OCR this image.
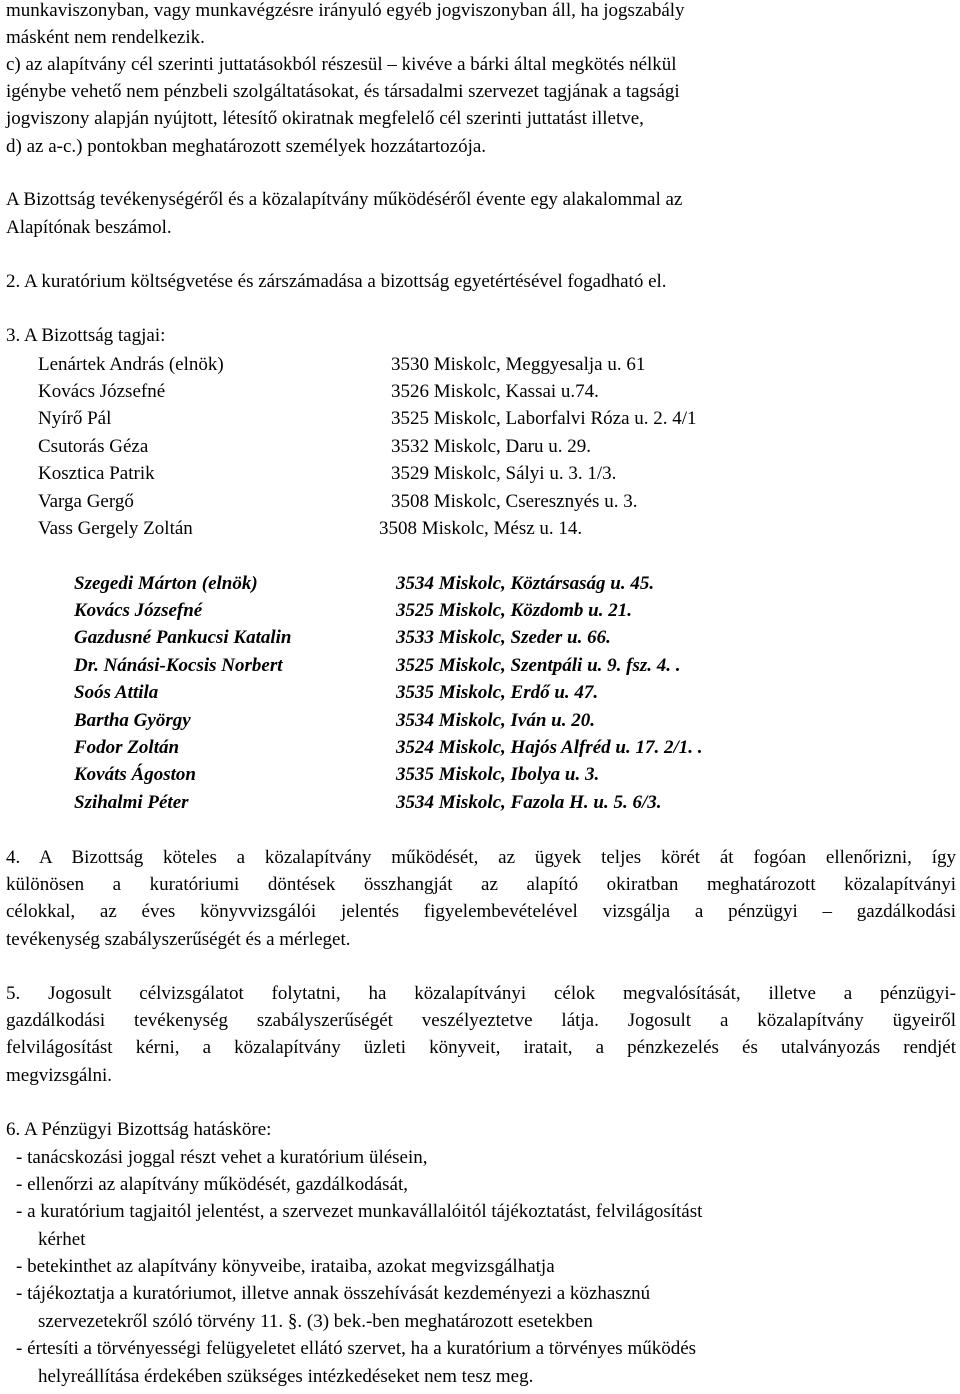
munkaviszonyban, vagy munkavégzésre irányuló egyéb jogviszonyban áll, ha jogszabály
másként nem rendelkezik.
c) az alapítvány cél szerinti juttatásokból részesül – kivéve a bárki által megkötés nélkül
igénybe vehető nem pénzbeli szolgáltatásokat, és társadalmi szervezet tagjának a tagsági
jogviszony alapján nyújtott, létesítő okiratnak megfelelő cél szerinti juttatást illetve,
d) az a-c.) pontokban meghatározott személyek hozzátartozója.
A Bizottság tevékenységéről és a közalapítvány működéséről évente egy alakalommal az
Alapítónak beszámol.
2. A kuratórium költségvetése és zárszámadása a bizottság egyetértésével fogadható el.
3. A Bizottság tagjai:
Lenártek András (elnök)	3530 Miskolc, Meggyesalja u. 61
Kovács Józsefné	3526 Miskolc, Kassai u.74.
Nyírő Pál	3525 Miskolc, Laborfalvi Róza u. 2. 4/1
Csutorás Géza	3532 Miskolc, Daru u. 29.
Kosztica Patrik	3529 Miskolc, Sályi u. 3. 1/3.
Varga Gergő	3508 Miskolc, Cseresznyés u. 3.
Vass Gergely Zoltán	3508 Miskolc, Mész u. 14.
Szegedi Márton (elnök)	3534 Miskolc, Köztársaság u. 45.
Kovács Józsefné	3525 Miskolc, Közdomb u. 21.
Gazdusné Pankucsi Katalin	3533 Miskolc, Szeder u. 66.
Dr. Nánási-Kocsis Norbert	3525 Miskolc, Szentpáli u. 9. fsz. 4. .
Soós Attila	3535 Miskolc, Erdő u. 47.
Bartha György	3534 Miskolc, Iván u. 20.
Fodor Zoltán	3524 Miskolc, Hajós Alfréd u. 17. 2/1. .
Kováts Ágoston	3535 Miskolc, Ibolya u. 3.
Szihalmi Péter	3534 Miskolc, Fazola H. u. 5. 6/3.
4. A Bizottság köteles a közalapítvány működését, az ügyek teljes körét át fogóan ellenőrizni, így
különösen a kuratóriumi döntések összhangját az alapító okiratban meghatározott közalapítványi
célokkal, az éves könyvvizsgálói jelentés figyelembevételével vizsgálja a pénzügyi – gazdálkodási
tevékenység szabályszerűségét és a mérleget.
5. Jogosult célvizsgálatot folytatni, ha közalapítványi célok megvalósítását, illetve a pénzügyi-
gazdálkodási tevékenység szabályszerűségét veszélyeztetve látja. Jogosult a közalapítvány ügyeiről
felvilágosítást kérni, a közalapítvány üzleti könyveit, iratait, a pénzkezelés és utalványozás rendjét
megvizsgálni.
6. A Pénzügyi Bizottság hatásköre:
- tanácskozási joggal részt vehet a kuratórium ülésein,
- ellenőrzi az alapítvány működését, gazdálkodását,
- a kuratórium tagjaitól jelentést, a szervezet munkavállalóitól tájékoztatást, felvilágosítást
kérhet
- betekinthet az alapítvány könyveibe, irataiba, azokat megvizsgálhatja
- tájékoztatja a kuratóriumot, illetve annak összehívását kezdeményezi a közhasznú
szervezetekről szóló törvény 11. §. (3) bek.-ben meghatározott esetekben
- értesíti a törvényességi felügyeletet ellátó szervet, ha a kuratórium a törvényes működés
helyreállítása érdekében szükséges intézkedéseket nem tesz meg.
